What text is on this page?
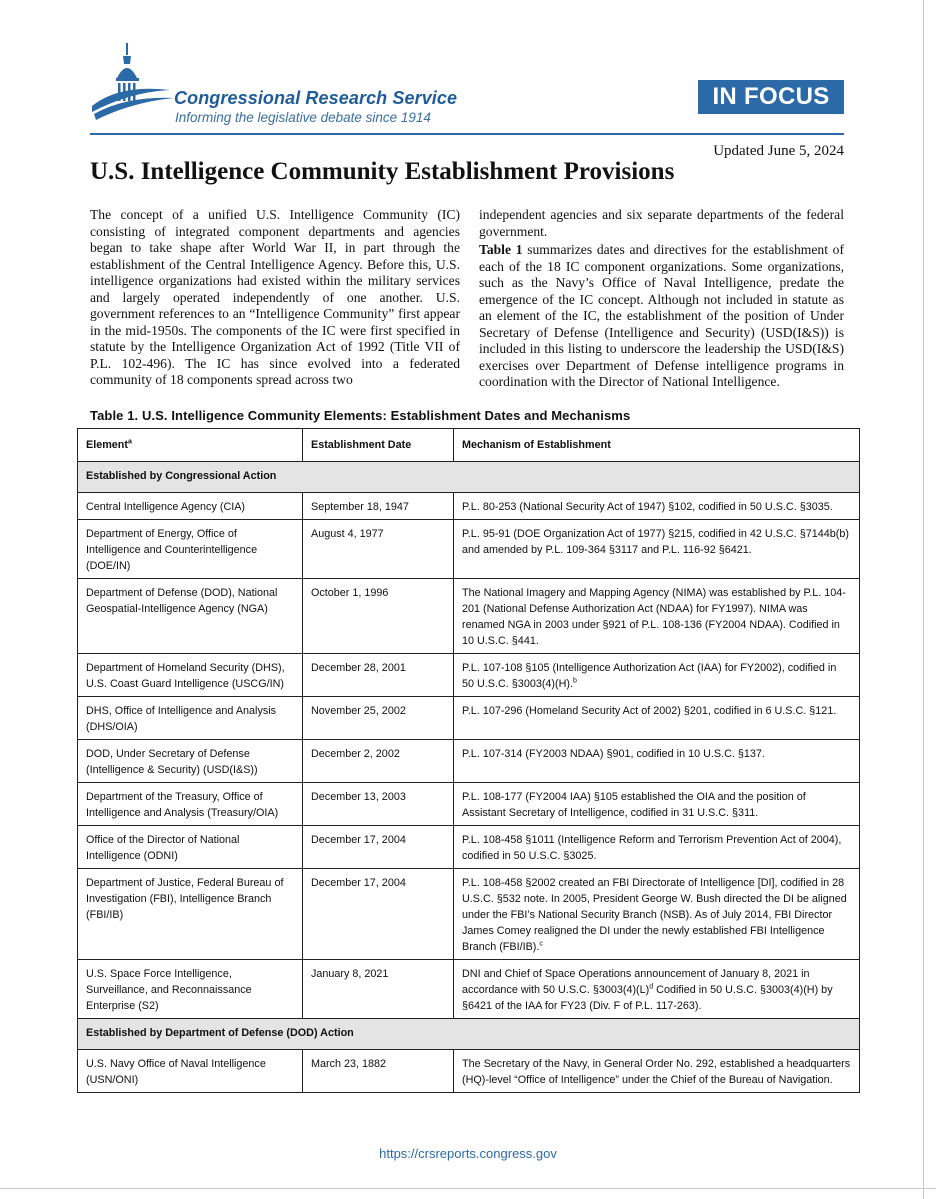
Congressional Research Service
Informing the legislative debate since 1914
IN FOCUS
Updated June 5, 2024
U.S. Intelligence Community Establishment Provisions

The concept of a unified U.S. Intelligence Community (IC) consisting of integrated component departments and agencies began to take shape after World War II, in part through the establishment of the Central Intelligence Agency. Before this, U.S. intelligence organizations had existed within the military services and largely operated independently of one another. U.S. government references to an “Intelligence Community” first appear in the mid-1950s. The components of the IC were first specified in statute by the Intelligence Organization Act of 1992 (Title VII of P.L. 102-496). The IC has since evolved into a federated community of 18 components spread across two

independent agencies and six separate departments of the federal government.

Table 1 summarizes dates and directives for the establishment of each of the 18 IC component organizations. Some organizations, such as the Navy’s Office of Naval Intelligence, predate the emergence of the IC concept. Although not included in statute as an element of the IC, the establishment of the position of Under Secretary of Defense (Intelligence and Security) (USD(I&S)) is included in this listing to underscore the leadership the USD(I&S) exercises over Department of Defense intelligence programs in coordination with the Director of National Intelligence.

Table 1. U.S. Intelligence Community Elements: Establishment Dates and Mechanisms
Element$^a$	Establishment Date	Mechanism of Establishment
Established by Congressional Action		
Central Intelligence Agency (CIA)	September 18, 1947	P.L. 80-253 (National Security Act of 1947) §102, codified in 50 U.S.C. §3035.
Department of Energy, Office of Intelligence and Counterintelligence (DOE/IN)	August 4, 1977	P.L. 95-91 (DOE Organization Act of 1977) §215, codified in 42 U.S.C. §7144b(b) and amended by P.L. 109-364 §3117 and P.L. 116-92 §6421.
Department of Defense (DOD), National Geospatial-Intelligence Agency (NGA)	October 1, 1996	The National Imagery and Mapping Agency (NIMA) was established by P.L. 104-201 (National Defense Authorization Act (NDAA) for FY1997). NIMA was renamed NGA in 2003 under §921 of P.L. 108-136 (FY2004 NDAA). Codified in 10 U.S.C. §441.
Department of Homeland Security (DHS), U.S. Coast Guard Intelligence (USCG/IN)	December 28, 2001	P.L. 107-108 §105 (Intelligence Authorization Act (IAA) for FY2002), codified in 50 U.S.C. §3003(4)(H).$^b$
DHS, Office of Intelligence and Analysis (DHS/OIA)	November 25, 2002	P.L. 107-296 (Homeland Security Act of 2002) §201, codified in 6 U.S.C. §121.
DOD, Under Secretary of Defense (Intelligence & Security) (USD(I&S))	December 2, 2002	P.L. 107-314 (FY2003 NDAA) §901, codified in 10 U.S.C. §137.
Department of the Treasury, Office of Intelligence and Analysis (Treasury/OIA)	December 13, 2003	P.L. 108-177 (FY2004 IAA) §105 established the OIA and the position of Assistant Secretary of Intelligence, codified in 31 U.S.C. §311.
Office of the Director of National Intelligence (ODNI)	December 17, 2004	P.L. 108-458 §1011 (Intelligence Reform and Terrorism Prevention Act of 2004), codified in 50 U.S.C. §3025.
Department of Justice, Federal Bureau of Investigation (FBI), Intelligence Branch (FBI/IB)	December 17, 2004	P.L. 108-458 §2002 created an FBI Directorate of Intelligence [DI], codified in 28 U.S.C. §532 note. In 2005, President George W. Bush directed the DI be aligned under the FBI’s National Security Branch (NSB). As of July 2014, FBI Director James Comey realigned the DI under the newly established FBI Intelligence Branch (FBI/IB).$^c$
U.S. Space Force Intelligence, Surveillance, and Reconnaissance Enterprise (S2)	January 8, 2021	DNI and Chief of Space Operations announcement of January 8, 2021 in accordance with 50 U.S.C. $\S 3003(4)(L)^d$ Codified in 50 U.S.C. §3003(4)(H) by §6421 of the IAA for FY23 (Div. F of P.L. 117-263).
Established by Department of Defense (DOD) Action		
U.S. Navy Office of Naval Intelligence (USN/ONI)	March 23, 1882	The Secretary of the Navy, in General Order No. 292, established a headquarters (HQ)-level “Office of Intelligence” under the Chief of the Bureau of Navigation.
https://crsreports.congress.gov
